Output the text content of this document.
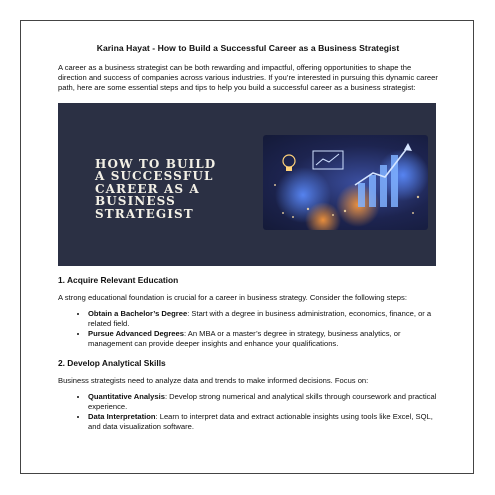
Karina Hayat - How to Build a Successful Career as a Business Strategist

A career as a business strategist can be both rewarding and impactful, offering opportunities to shape the direction and success of companies across various industries. If you’re interested in pursuing this dynamic career path, here are some essential steps and tips to help you build a successful career as a business strategist:

HOW TO BUILD
A SUCCESSFUL
CAREER AS A
BUSINESS
STRATEGIST
1. Acquire Relevant Education

A strong educational foundation is crucial for a career in business strategy. Consider the following steps:

• Obtain a Bachelor’s Degree: Start with a degree in business administration, economics, finance, or a related field.
• Pursue Advanced Degrees: An MBA or a master’s degree in strategy, business analytics, or management can provide deeper insights and enhance your qualifications.
2. Develop Analytical Skills

Business strategists need to analyze data and trends to make informed decisions. Focus on:

• Quantitative Analysis: Develop strong numerical and analytical skills through coursework and practical experience.
• Data Interpretation: Learn to interpret data and extract actionable insights using tools like Excel, SQL, and data visualization software.
